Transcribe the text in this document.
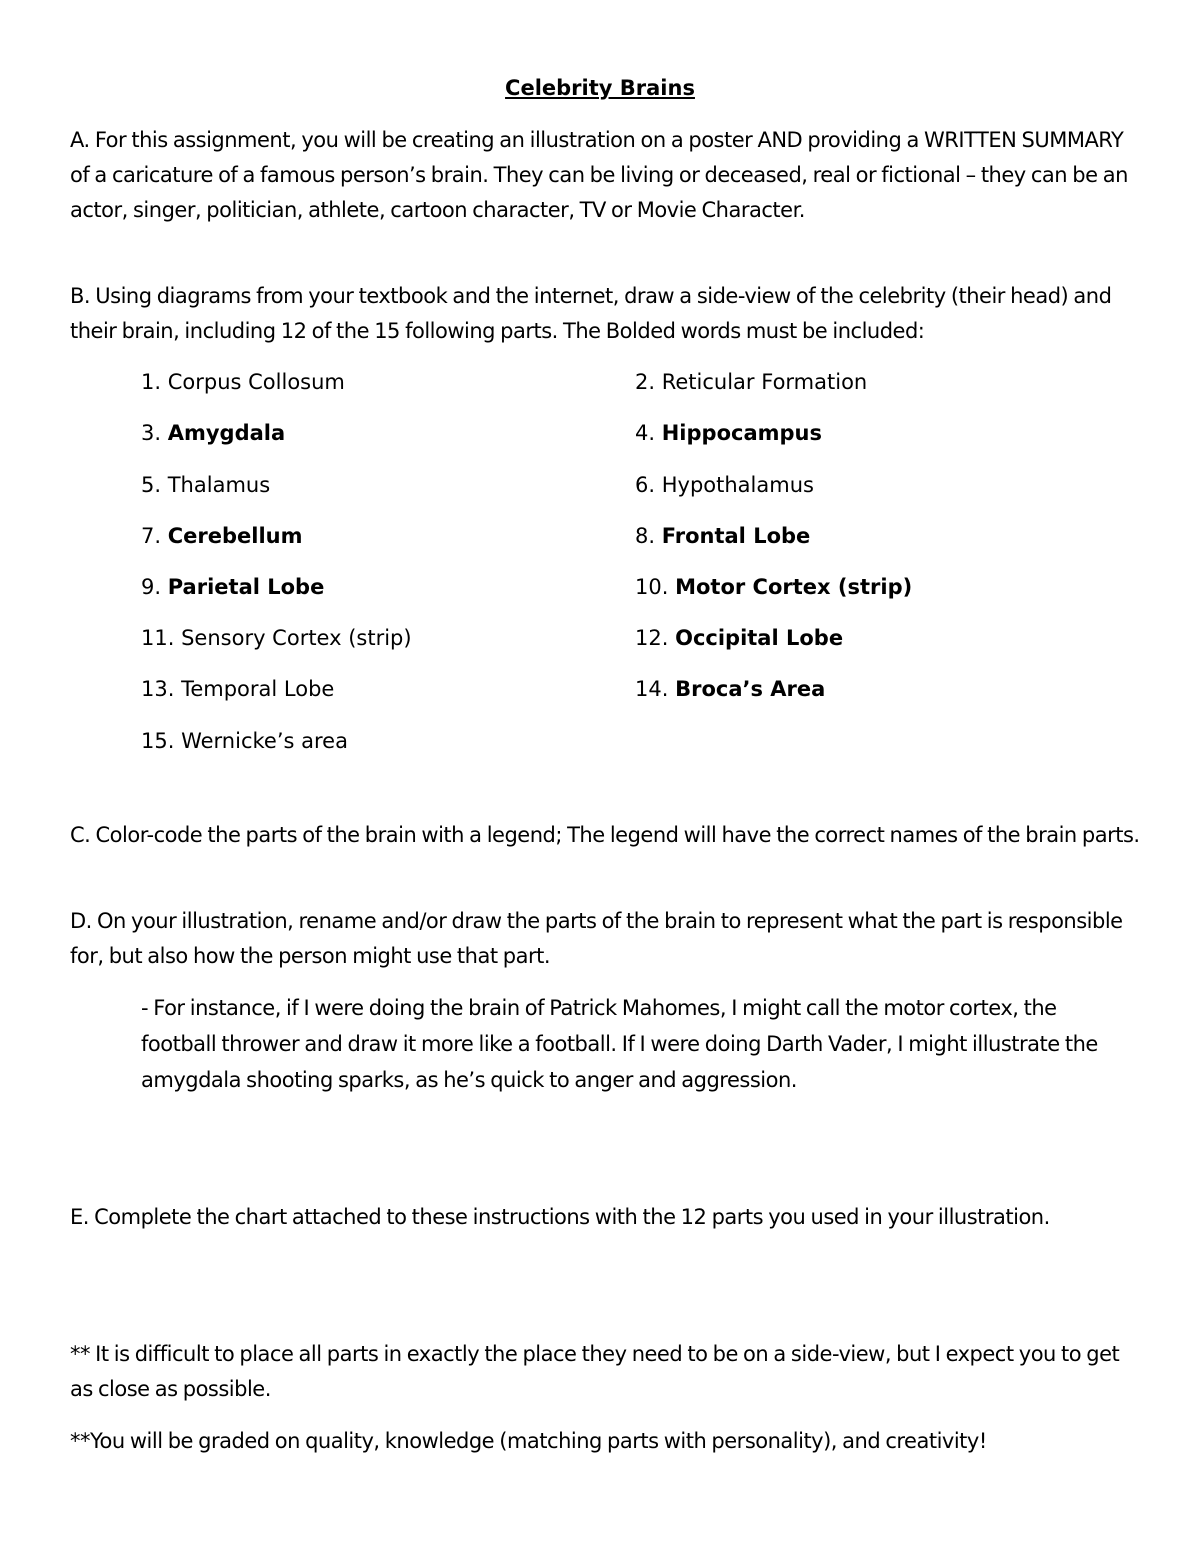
Celebrity Brains
A. For this assignment, you will be creating an illustration on a poster AND providing a WRITTEN SUMMARY of a caricature of a famous person’s brain. They can be living or deceased, real or fictional – they can be an actor, singer, politician, athlete, cartoon character, TV or Movie Character.
B. Using diagrams from your textbook and the internet, draw a side-view of the celebrity (their head) and their brain, including 12 of the 15 following parts. The Bolded words must be included:
1. Corpus Collosum	2. Reticular Formation
3. Amygdala	4. Hippocampus
5. Thalamus	6. Hypothalamus
7. Cerebellum	8. Frontal Lobe
9. Parietal Lobe	10. Motor Cortex (strip)
11. Sensory Cortex (strip)	12. Occipital Lobe
13. Temporal Lobe	14. Broca’s Area
15. Wernicke’s area
C. Color-code the parts of the brain with a legend; The legend will have the correct names of the brain parts.
D. On your illustration, rename and/or draw the parts of the brain to represent what the part is responsible for, but also how the person might use that part.
- For instance, if I were doing the brain of Patrick Mahomes, I might call the motor cortex, the football thrower and draw it more like a football. If I were doing Darth Vader, I might illustrate the amygdala shooting sparks, as he’s quick to anger and aggression.
E. Complete the chart attached to these instructions with the 12 parts you used in your illustration.
** It is difficult to place all parts in exactly the place they need to be on a side-view, but I expect you to get as close as possible.
**You will be graded on quality, knowledge (matching parts with personality), and creativity!
